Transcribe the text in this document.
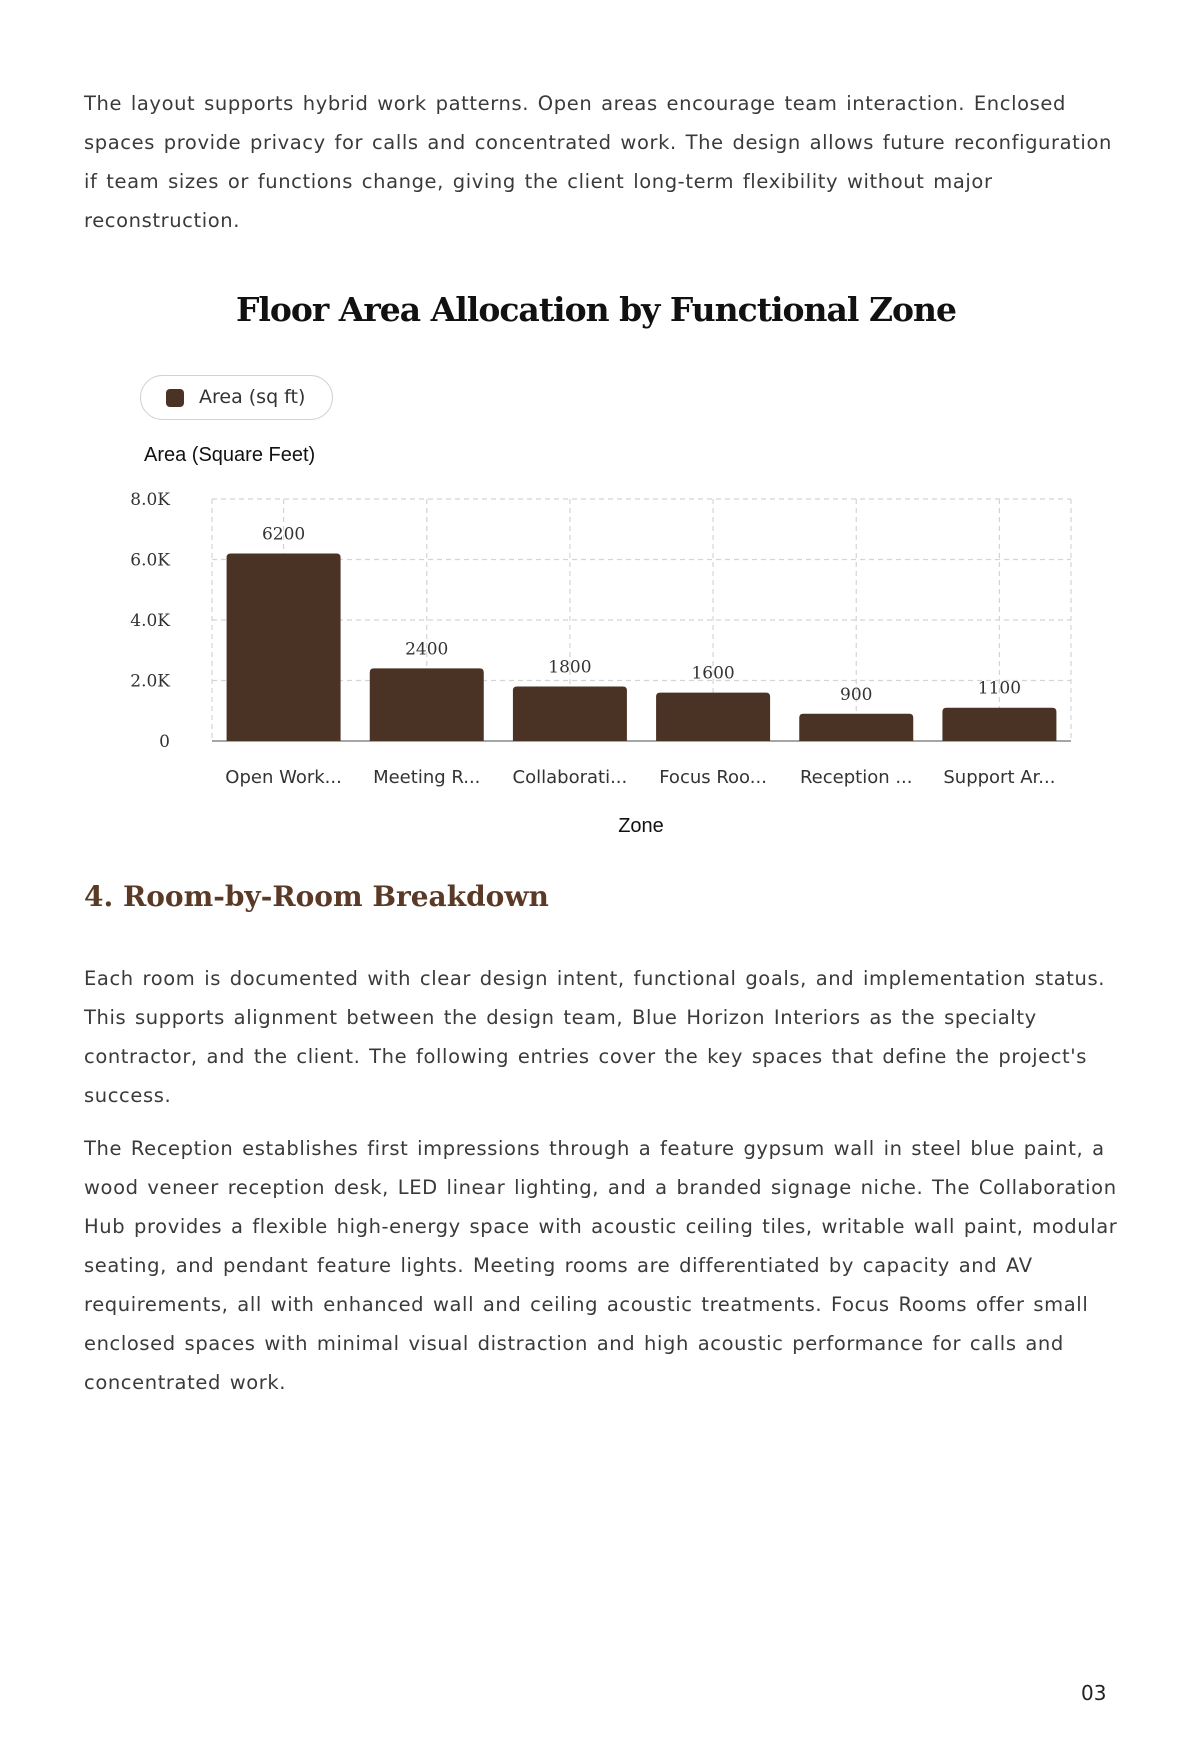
The layout supports hybrid work patterns. Open areas encourage team interaction. Enclosed spaces provide privacy for calls and concentrated work. The design allows future reconfiguration if team sizes or functions change, giving the client long-term flexibility without major reconstruction.

Floor Area Allocation by Functional Zone
Area (sq ft)
0
2.0K
4.0K
6.0K
8.0K
6200
Open Work...
2400
Meeting R...
1800
Collaborati...
1600
Focus Roo...
900
Reception ...
1100
Support Ar...
Area (Square Feet)
Zone
4. Room-by-Room Breakdown

Each room is documented with clear design intent, functional goals, and implementation status. This supports alignment between the design team, Blue Horizon Interiors as the specialty contractor, and the client. The following entries cover the key spaces that define the project's success.

The Reception establishes first impressions through a feature gypsum wall in steel blue paint, a wood veneer reception desk, LED linear lighting, and a branded signage niche. The Collaboration Hub provides a flexible high-energy space with acoustic ceiling tiles, writable wall paint, modular seating, and pendant feature lights. Meeting rooms are differentiated by capacity and AV requirements, all with enhanced wall and ceiling acoustic treatments. Focus Rooms offer small enclosed spaces with minimal visual distraction and high acoustic performance for calls and concentrated work.

03
